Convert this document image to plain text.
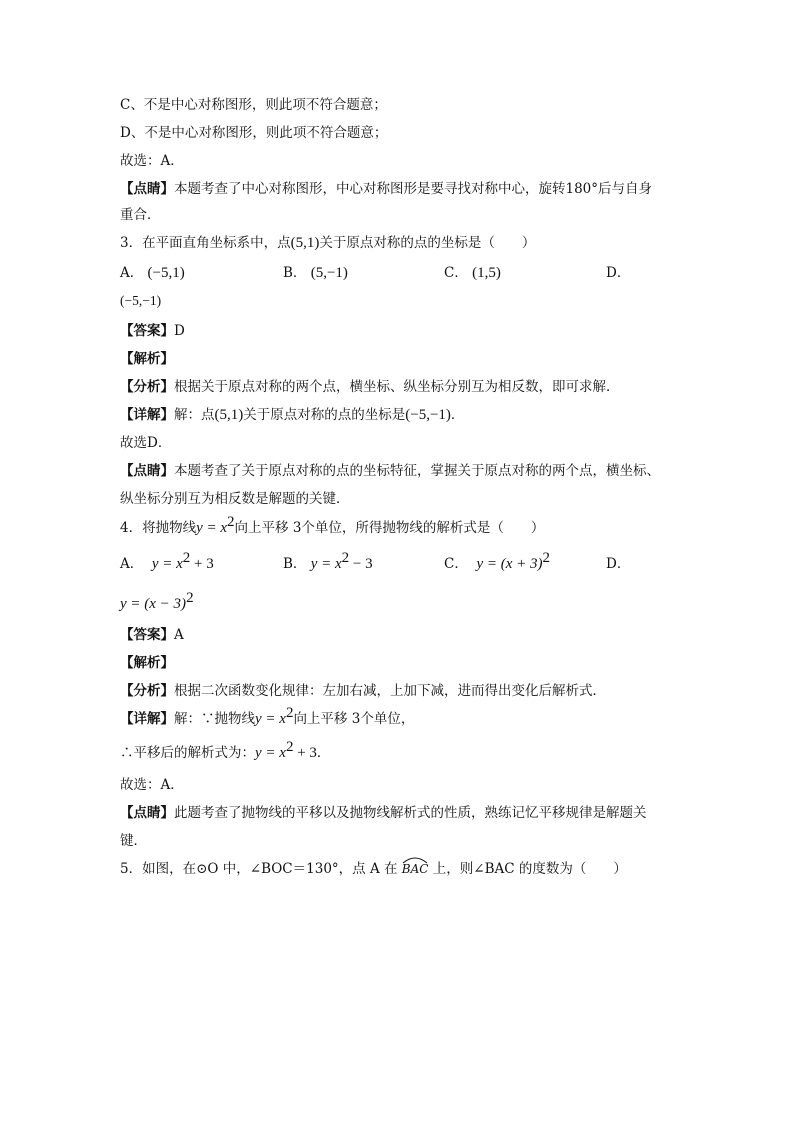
C、不是中心对称图形，则此项不符合题意；
D、不是中心对称图形，则此项不符合题意；
故选：A．
【点睛】本题考查了中心对称图形，中心对称图形是要寻找对称中心，旋转180°后与自身
重合．
3．在平面直角坐标系中，点(5,1)关于原点对称的点的坐标是（　　）
A． (−5,1)	B． (5,−1)	C． (1,5)	D．
(−5,−1)
【答案】D
【解析】
【分析】根据关于原点对称的两个点，横坐标、纵坐标分别互为相反数，即可求解．
【详解】解：点(5,1)关于原点对称的点的坐标是(−5,−1)．
故选D．
【点睛】本题考查了关于原点对称的点的坐标特征，掌握关于原点对称的两个点，横坐标、
纵坐标分别互为相反数是解题的关键．
4．将抛物线$y = x^2$向上平移 3个单位，所得抛物线的解析式是（　　）
A． $y = x^2 + 3$	B． $y = x^2 - 3$	C． $y = (x + 3)^2$	D．
$y = (x - 3)^2$
【答案】A
【解析】
【分析】根据二次函数变化规律：左加右减，上加下减，进而得出变化后解析式．
【详解】解：∵抛物线$y = x^2$向上平移 3个单位，
∴平移后的解析式为：$y = x^2 + 3$．
故选：A．
【点睛】此题考查了抛物线的平移以及抛物线解析式的性质，熟练记忆平移规律是解题关
键．
5．如图，在⊙O 中，∠BOC＝130°，点 A 在 BAC 上，则∠BAC 的度数为（　　）
